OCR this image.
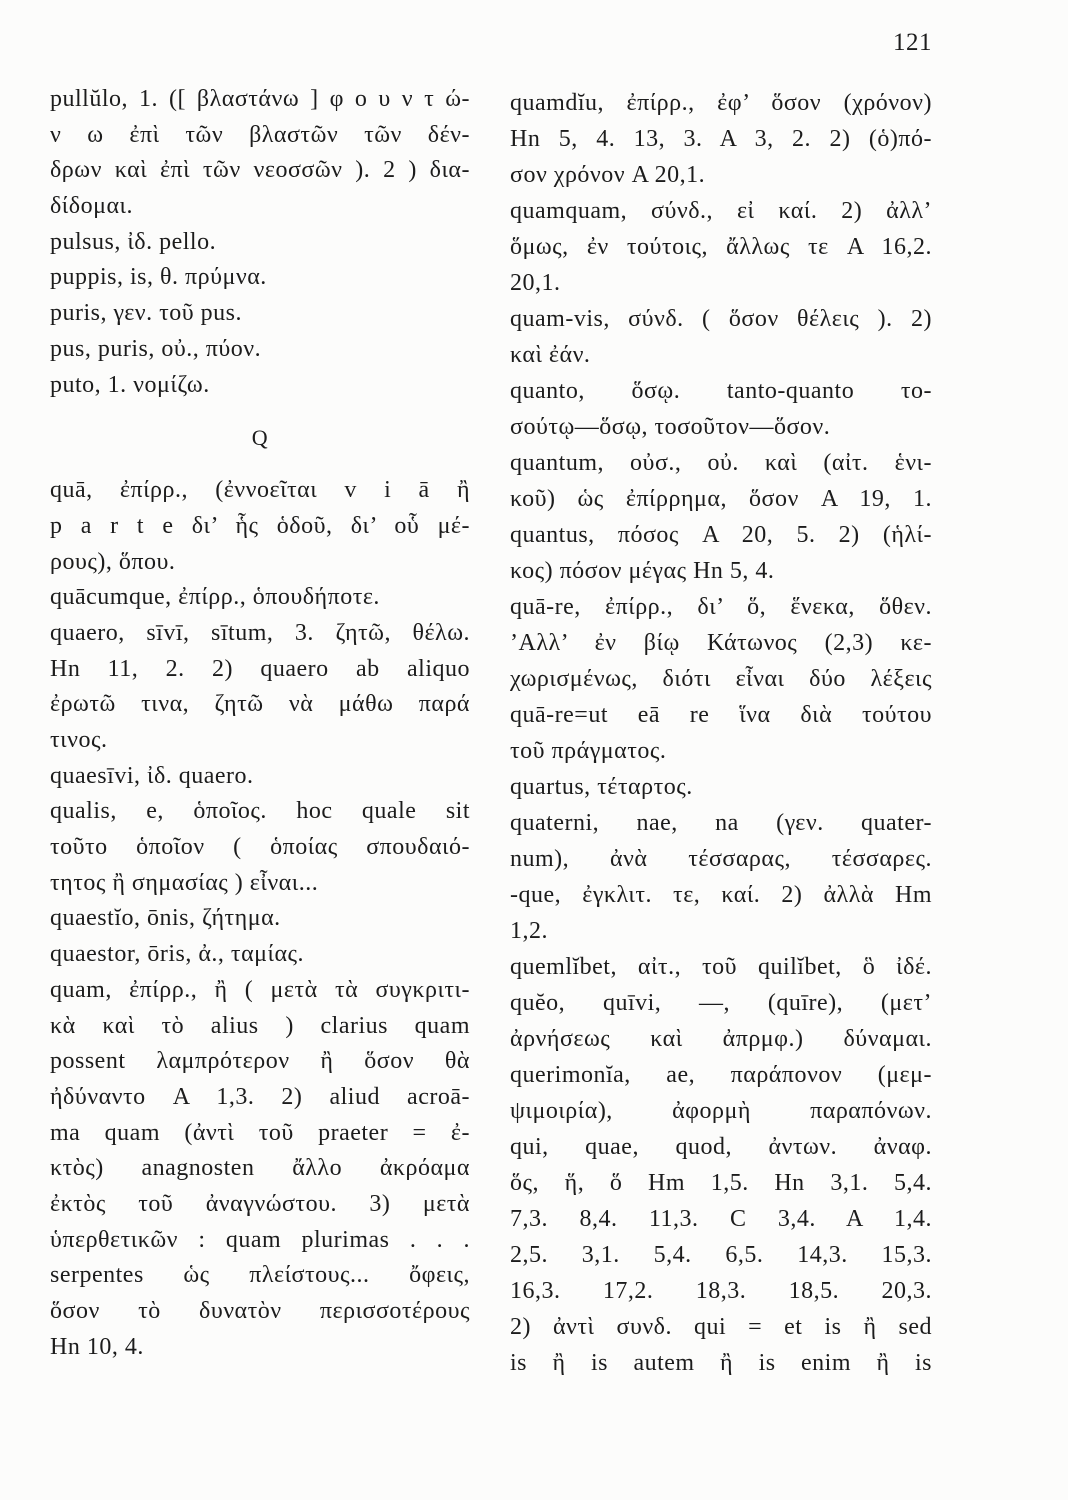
121
pullŭlo, 1. ([ βλαστάνω ] φ ο υ ν τ ώ-
ν ω ἐπὶ τῶν βλαστῶν τῶν δέν-
δρων καὶ ἐπὶ τῶν νεοσσῶν ). 2 ) δια-
δίδομαι.
pulsus, ἰδ. pello.
puppis, is, θ. πρύμνα.
puris, γεν. τοῦ pus.
pus, puris, οὐ., πύον.
puto, 1. νομίζω.
Q
quā, ἐπίρρ., (ἐννοεῖται v i ā ἢ
p a r t e δι’ ἧς ὁδοῦ, δι’ οὗ μέ-
ρους), ὅπου.
quācumque, ἐπίρρ., ὁπουδήποτε.
quaero, sīvī, sītum, 3. ζητῶ, θέλω.
Hn 11, 2. 2) quaero ab aliquo
ἐρωτῶ τινα, ζητῶ νὰ μάθω παρά
τινος.
quaesīvi, ἰδ. quaero.
qualis, e, ὁποῖος. hoc quale sit
τοῦτο ὁποῖον ( ὁποίας σπουδαιό-
τητος ἢ σημασίας ) εἶναι...
quaestĭo, ōnis, ζήτημα.
quaestor, ōris, ἀ., ταμίας.
quam, ἐπίρρ., ἢ ( μετὰ τὰ συγκριτι-
κὰ καὶ τὸ alius ) clarius quam
possent λαμπρότερον ἢ ὅσον θὰ
ἠδύναντο A 1,3. 2) aliud acroā-
ma quam (ἀντὶ τοῦ praeter = ἐ-
κτὸς) anagnosten ἄλλο ἀκρόαμα
ἐκτὸς τοῦ ἀναγνώστου. 3) μετὰ
ὑπερθετικῶν : quam plurimas . . .
serpentes ὡς πλείστους... ὄφεις,
ὅσον τὸ δυνατὸν περισσοτέρους
Hn 10, 4.
quamdĭu, ἐπίρρ., ἐφ’ ὅσον (χρόνον)
Hn 5, 4. 13, 3. A 3, 2. 2) (ὁ)πό-
σον χρόνον A 20,1.
quamquam, σύνδ., εἰ καί. 2) ἀλλ’
ὅμως, ἐν τούτοις, ἄλλως τε A 16,2.
20,1.
quam-vis, σύνδ. ( ὅσον θέλεις ). 2)
καὶ ἐάν.
quanto, ὅσῳ. tanto-quanto το-
σούτῳ—ὅσῳ, τοσοῦτον—ὅσον.
quantum, οὐσ., οὐ. καὶ (αἰτ. ἑνι-
κοῦ) ὡς ἐπίρρημα, ὅσον A 19, 1.
quantus, πόσος A 20, 5. 2) (ἡλί-
κος) πόσον μέγας Hn 5, 4.
quā-re, ἐπίρρ., δι’ ὅ, ἕνεκα, ὅθεν.
’Αλλ’ ἐν βίῳ Κάτωνος (2,3) κε-
χωρισμένως, διότι εἶναι δύο λέξεις
quā-re=ut eā re ἵνα διὰ τούτου
τοῦ πράγματος.
quartus, τέταρτος.
quaterni, nae, na (γεν. quater-
num), ἀνὰ τέσσαρας, τέσσαρες.
-que, ἐγκλιτ. τε, καί. 2) ἀλλὰ Hm
1,2.
quemlĭbet, αἰτ., τοῦ quilĭbet, ὃ ἰδέ.
quĕo, quīvi, —, (quīre), (μετ’
ἀρνήσεως καὶ ἀπρμφ.) δύναμαι.
querimonĭa, ae, παράπονον (μεμ-
ψιμοιρία), ἀφορμὴ παραπόνων.
qui, quae, quod, ἀντων. ἀναφ.
ὅς, ἥ, ὅ Hm 1,5. Hn 3,1. 5,4.
7,3. 8,4. 11,3. C 3,4. A 1,4.
2,5. 3,1. 5,4. 6,5. 14,3. 15,3.
16,3. 17,2. 18,3. 18,5. 20,3.
2) ἀντὶ συνδ. qui = et is ἢ sed
is ἢ is autem ἢ is enim ἢ is
